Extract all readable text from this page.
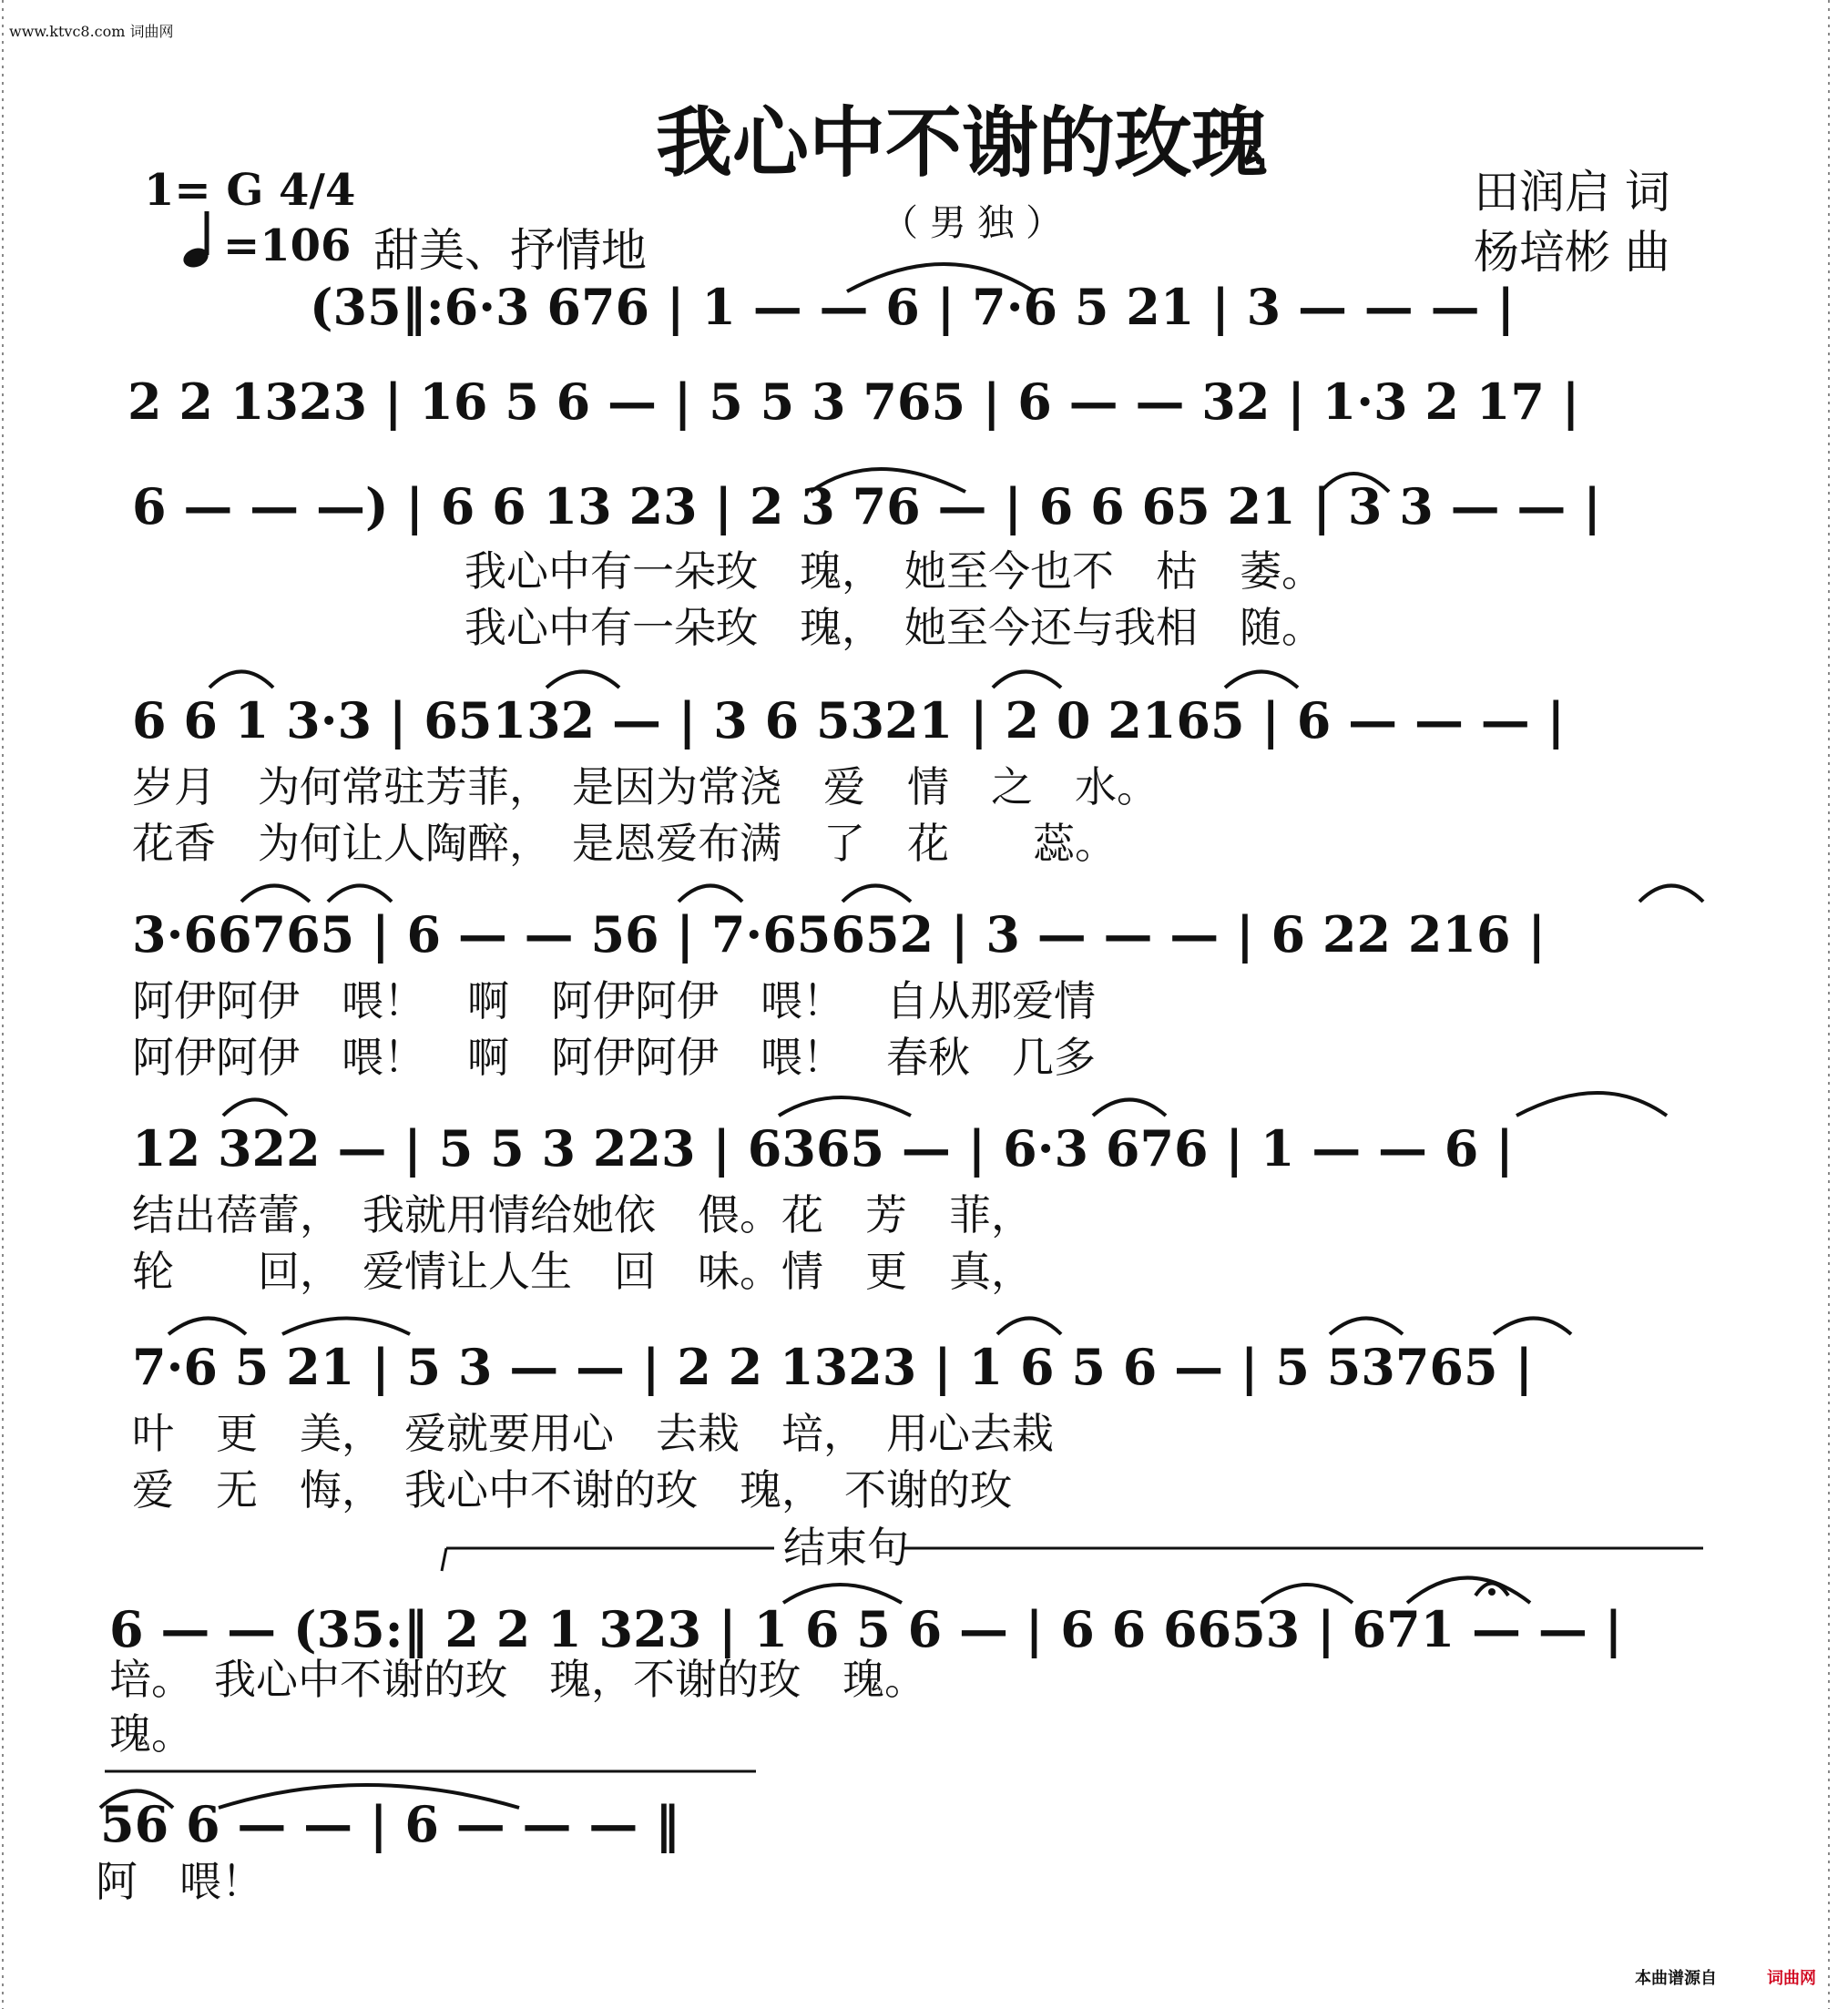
www.ktvc8.com 词曲网
我心中不谢的玫瑰
（ 男 独 ）
1= G 4/4
=106 甜美、抒情地
田润启 词
杨培彬 曲
(35‖:6·3 676 | 1 — — 6 | 7·6 5 21 | 3 — — — |
2 2 1323 | 16 5 6 — | 5 5 3 765 | 6 — — 32 | 1·3 2 17 |
6 — — —) | 6 6 13 23 | 2 3 76 — | 6 6 65 21 | 3 3 — — |
我心中有一朵玫　瑰，　她至今也不　枯　萎。
我心中有一朵玫　瑰，　她至今还与我相　随。
6 6 1 3·3 | 65132 — | 3 6 5321 | 2 0 2165 | 6 — — — |
岁月　为何常驻芳菲，　是因为常浇　爱　情　之　水。
花香　为何让人陶醉，　是恩爱布满　了　花　　蕊。
3·66765 | 6 — — 56 | 7·65652 | 3 — — — | 6 22 216 |
阿伊阿伊　喂！　啊　阿伊阿伊　喂！　自从那爱情
阿伊阿伊　喂！　啊　阿伊阿伊　喂！　春秋　几多
12 322 — | 5 5 3 223 | 6365 — | 6·3 676 | 1 — — 6 |
结出蓓蕾，　我就用情给她依　偎。花　芳　菲，
轮　　回，　爱情让人生　回　味。情　更　真，
7·6 5 21 | 5 3 — — | 2 2 1323 | 1 6 5 6 — | 5 53765 |
叶　更　美，　爱就要用心　去栽　培，　用心去栽
爱　无　悔，　我心中不谢的玫　瑰，　不谢的玫
结束句
6 — — (35:‖ 2 2 1 323 | 1 6 5 6 — | 6 6 6653 | 671 — — |
培。　我心中不谢的玫　瑰，不谢的玫　瑰。
瑰。
56 6 — — | 6 — — — ‖
阿　喂！
本曲谱源自	词曲网
